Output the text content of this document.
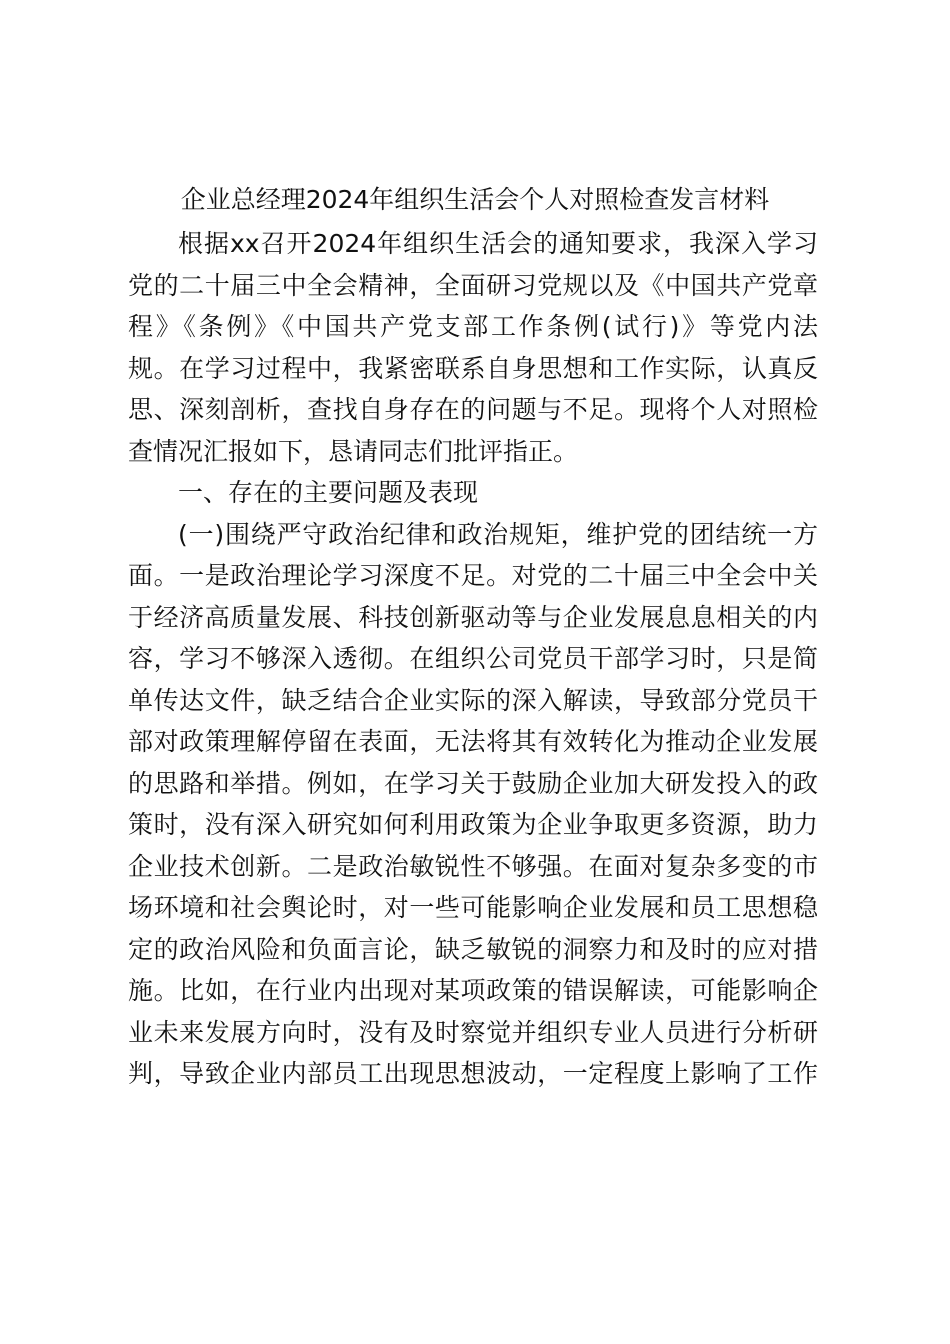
企业总经理2024年组织生活会个人对照检查发言材料
根据xx召开2024年组织生活会的通知要求，我深入学习
党的二十届三中全会精神，全面研习党规以及《中国共产党章
程》《条例》《中国共产党支部工作条例(试行)》等党内法
规。在学习过程中，我紧密联系自身思想和工作实际，认真反
思、深刻剖析，查找自身存在的问题与不足。现将个人对照检
查情况汇报如下，恳请同志们批评指正。
一、存在的主要问题及表现
(一)围绕严守政治纪律和政治规矩，维护党的团结统一方
面。一是政治理论学习深度不足。对党的二十届三中全会中关
于经济高质量发展、科技创新驱动等与企业发展息息相关的内
容，学习不够深入透彻。在组织公司党员干部学习时，只是简
单传达文件，缺乏结合企业实际的深入解读，导致部分党员干
部对政策理解停留在表面，无法将其有效转化为推动企业发展
的思路和举措。例如，在学习关于鼓励企业加大研发投入的政
策时，没有深入研究如何利用政策为企业争取更多资源，助力
企业技术创新。二是政治敏锐性不够强。在面对复杂多变的市
场环境和社会舆论时，对一些可能影响企业发展和员工思想稳
定的政治风险和负面言论，缺乏敏锐的洞察力和及时的应对措
施。比如，在行业内出现对某项政策的错误解读，可能影响企
业未来发展方向时，没有及时察觉并组织专业人员进行分析研
判，导致企业内部员工出现思想波动，一定程度上影响了工作
